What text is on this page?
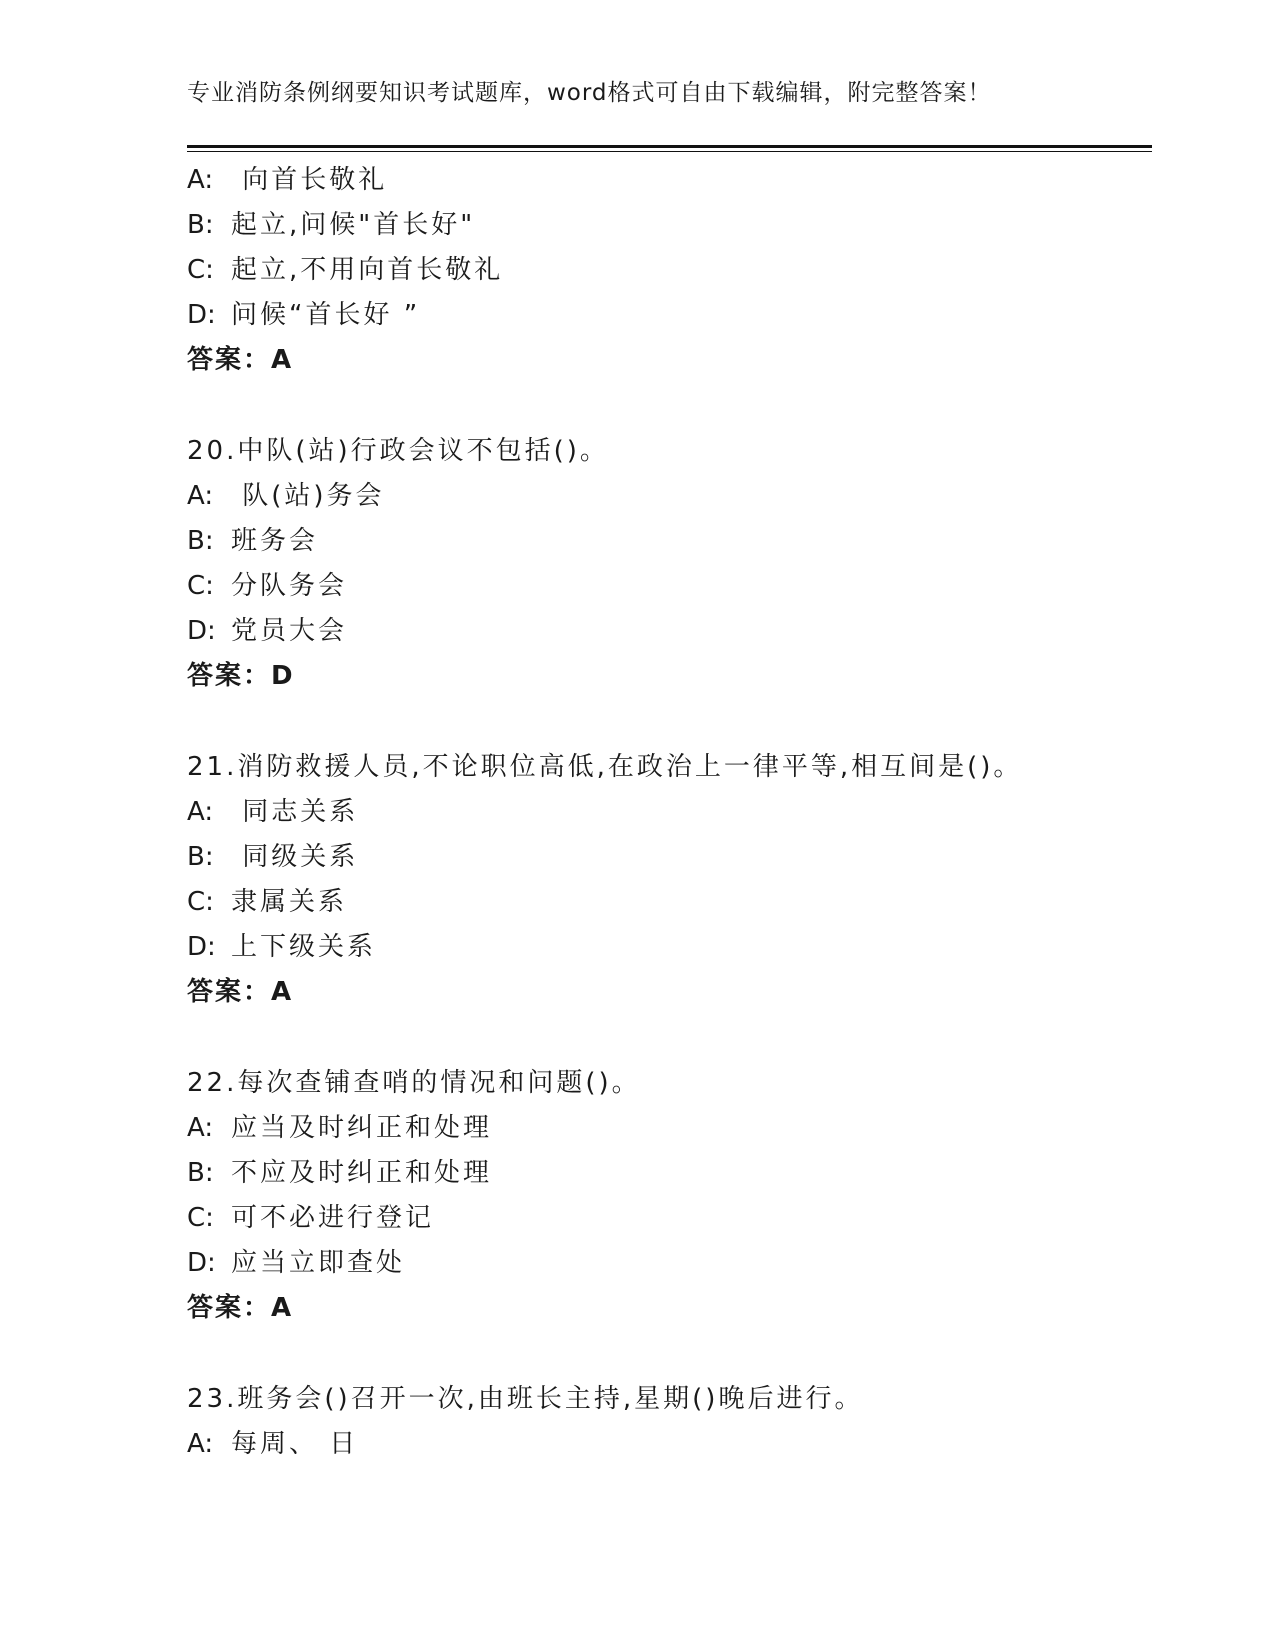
专业消防条例纲要知识考试题库，word格式可自由下载编辑，附完整答案！
A: 向首长敬礼
B: 起立,问候"首长好"
C: 起立,不用向首长敬礼
D: 问候“首长好 ”
答案：A
20.中队(站)行政会议不包括()。
A: 队(站)务会
B: 班务会
C: 分队务会
D: 党员大会
答案：D
21.消防救援人员,不论职位高低,在政治上一律平等,相互间是()。
A: 同志关系
B: 同级关系
C: 隶属关系
D: 上下级关系
答案：A
22.每次查铺查哨的情况和问题()。
A: 应当及时纠正和处理
B: 不应及时纠正和处理
C: 可不必进行登记
D: 应当立即查处
答案：A
23.班务会()召开一次,由班长主持,星期()晚后进行。
A: 每周、 日
